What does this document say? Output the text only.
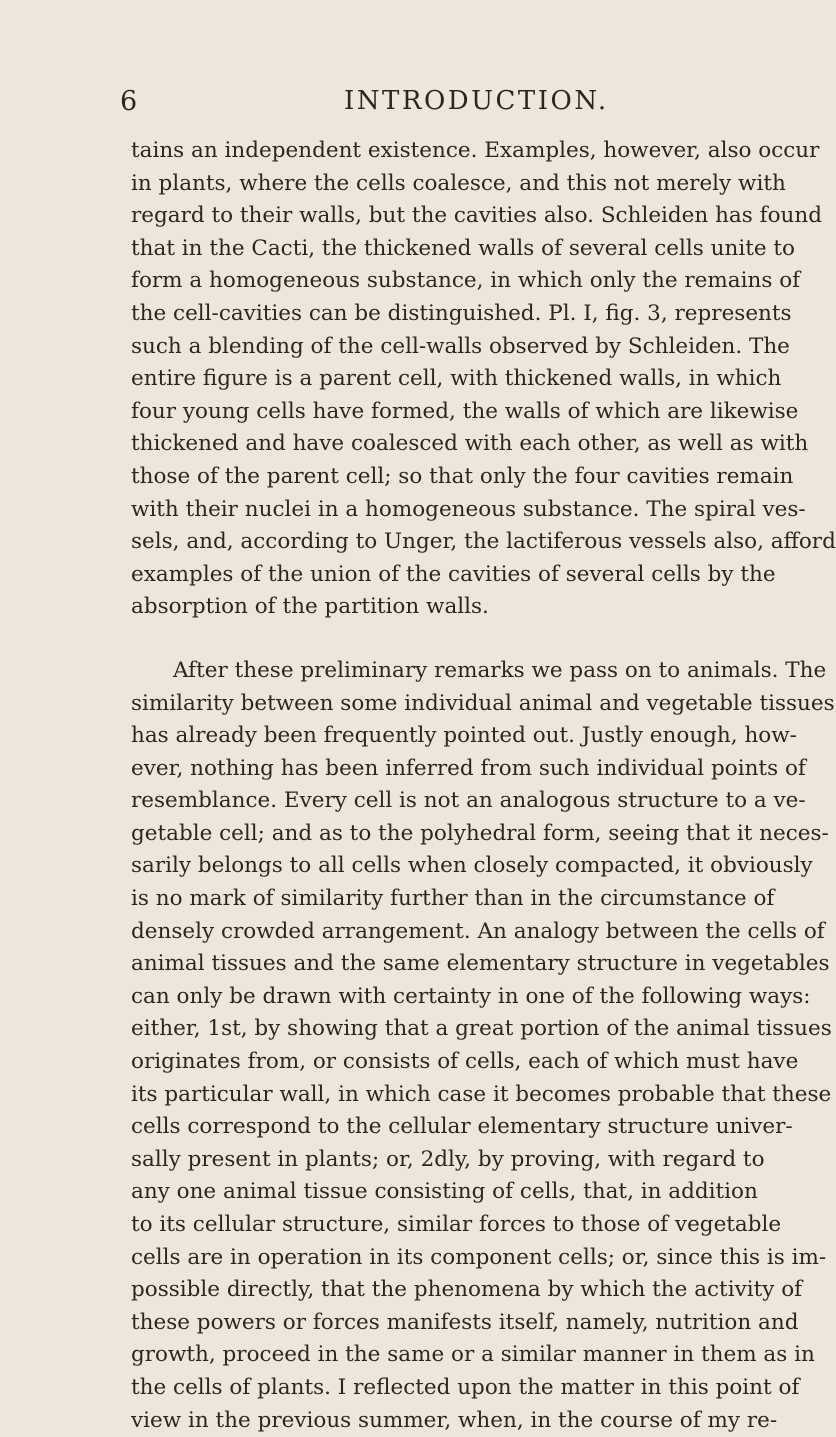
6	INTRODUCTION.
tains an independent existence. Examples, however, also occur
in plants, where the cells coalesce, and this not merely with
regard to their walls, but the cavities also. Schleiden has found
that in the Cacti, the thickened walls of several cells unite to
form a homogeneous substance, in which only the remains of
the cell-cavities can be distinguished. Pl. I, fig. 3, represents
such a blending of the cell-walls observed by Schleiden. The
entire figure is a parent cell, with thickened walls, in which
four young cells have formed, the walls of which are likewise
thickened and have coalesced with each other, as well as with
those of the parent cell; so that only the four cavities remain
with their nuclei in a homogeneous substance. The spiral ves-
sels, and, according to Unger, the lactiferous vessels also, afford
examples of the union of the cavities of several cells by the
absorption of the partition walls.
After these preliminary remarks we pass on to animals. The
similarity between some individual animal and vegetable tissues
has already been frequently pointed out. Justly enough, how-
ever, nothing has been inferred from such individual points of
resemblance. Every cell is not an analogous structure to a ve-
getable cell; and as to the polyhedral form, seeing that it neces-
sarily belongs to all cells when closely compacted, it obviously
is no mark of similarity further than in the circumstance of
densely crowded arrangement. An analogy between the cells of
animal tissues and the same elementary structure in vegetables
can only be drawn with certainty in one of the following ways:
either, 1st, by showing that a great portion of the animal tissues
originates from, or consists of cells, each of which must have
its particular wall, in which case it becomes probable that these
cells correspond to the cellular elementary structure univer-
sally present in plants; or, 2dly, by proving, with regard to
any one animal tissue consisting of cells, that, in addition
to its cellular structure, similar forces to those of vegetable
cells are in operation in its component cells; or, since this is im-
possible directly, that the phenomena by which the activity of
these powers or forces manifests itself, namely, nutrition and
growth, proceed in the same or a similar manner in them as in
the cells of plants. I reflected upon the matter in this point of
view in the previous summer, when, in the course of my re-
